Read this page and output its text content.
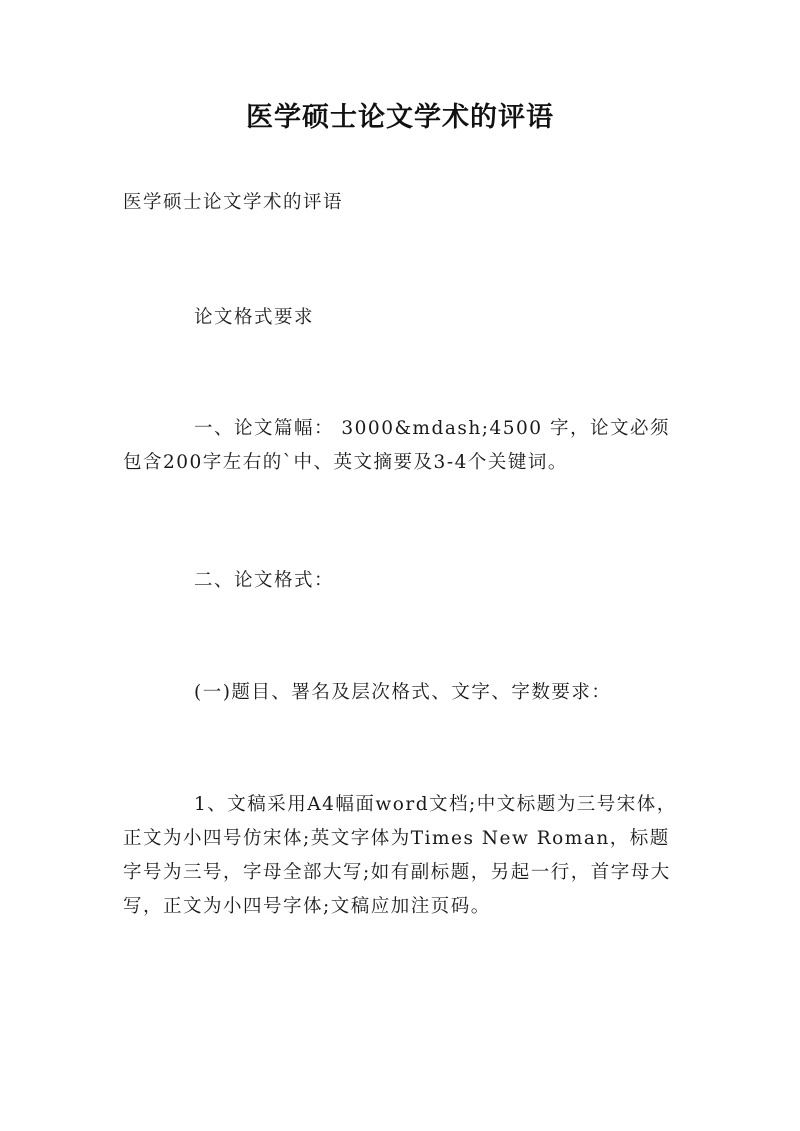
医学硕士论文学术的评语
医学硕士论文学术的评语
论文格式要求
一、论文篇幅： 3000&mdash;4500 字，论文必须包含200字左右的`中、英文摘要及3-4个关键词。
二、论文格式：
(一)题目、署名及层次格式、文字、字数要求：
1、文稿采用A4幅面word文档;中文标题为三号宋体，正文为小四号仿宋体;英文字体为Times New Roman，标题字号为三号，字母全部大写;如有副标题，另起一行，首字母大写，正文为小四号字体;文稿应加注页码。
